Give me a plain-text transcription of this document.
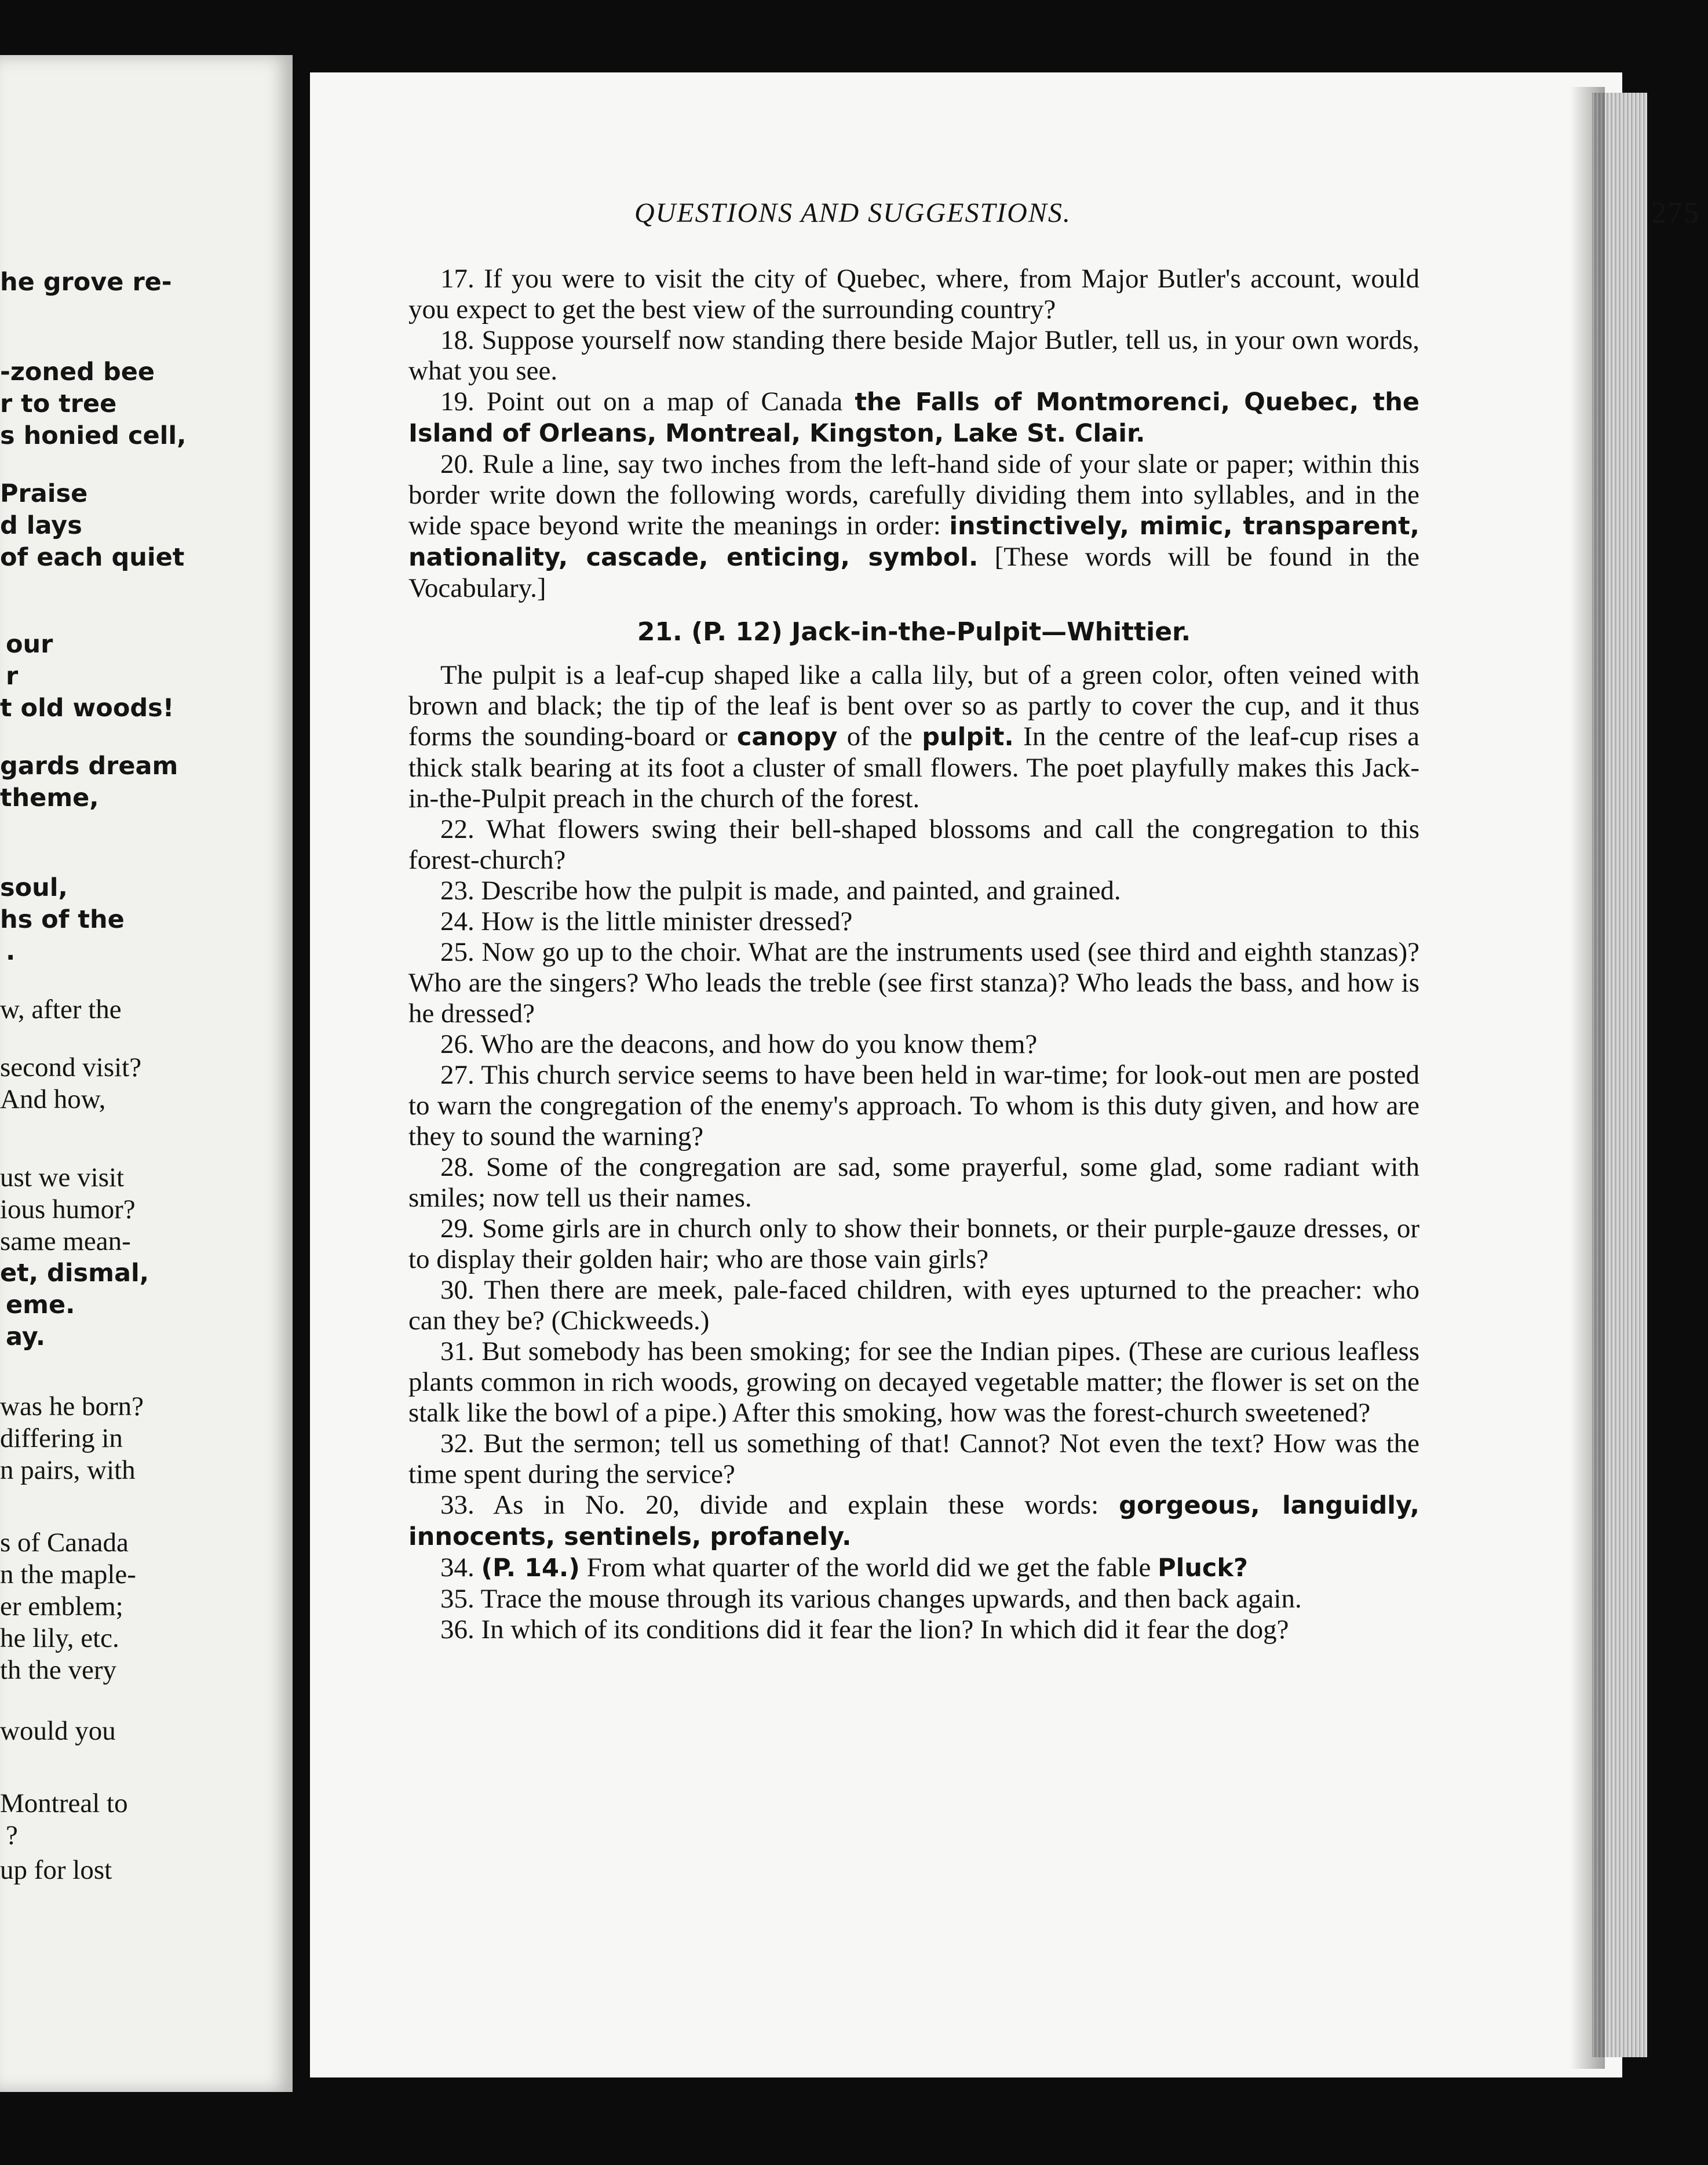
he grove re-
-zoned bee
r to tree
s honied cell,
Praise
d lays
of each quiet
our
r
t old woods!
gards dream
theme,
soul,
hs of the
.
w, after the
second visit?
And how,
ust we visit
ious humor?
same mean-
et, dismal,
eme.
ay.
was he born?
differing in
n pairs, with
s of Canada
n the maple-
er emblem;
he lily, etc.
th the very
would you
Montreal to
?
up for lost
QUESTIONS AND SUGGESTIONS.	275

17. If you were to visit the city of Quebec, where, from Major Butler's account, would you expect to get the best view of the surrounding country?

18. Suppose yourself now standing there beside Major Butler, tell us, in your own words, what you see.

19. Point out on a map of Canada the Falls of Montmorenci, Quebec, the Island of Orleans, Montreal, Kingston, Lake St. Clair.

20. Rule a line, say two inches from the left-hand side of your slate or paper; within this border write down the following words, carefully dividing them into syllables, and in the wide space beyond write the meanings in order: instinctively, mimic, transparent, nationality, cascade, enticing, symbol. [These words will be found in the Vocabulary.]

21. (P. 12) Jack-in-the-Pulpit—Whittier.

The pulpit is a leaf-cup shaped like a calla lily, but of a green color, often veined with brown and black; the tip of the leaf is bent over so as partly to cover the cup, and it thus forms the sounding-board or canopy of the pulpit. In the centre of the leaf-cup rises a thick stalk bearing at its foot a cluster of small flowers. The poet playfully makes this Jack-in-the-Pulpit preach in the church of the forest.

22. What flowers swing their bell-shaped blossoms and call the congregation to this forest-church?

23. Describe how the pulpit is made, and painted, and grained.

24. How is the little minister dressed?

25. Now go up to the choir. What are the instruments used (see third and eighth stanzas)? Who are the singers? Who leads the treble (see first stanza)? Who leads the bass, and how is he dressed?

26. Who are the deacons, and how do you know them?

27. This church service seems to have been held in war-time; for look-out men are posted to warn the congregation of the enemy's approach. To whom is this duty given, and how are they to sound the warning?

28. Some of the congregation are sad, some prayerful, some glad, some radiant with smiles; now tell us their names.

29. Some girls are in church only to show their bonnets, or their purple-gauze dresses, or to display their golden hair; who are those vain girls?

30. Then there are meek, pale-faced children, with eyes upturned to the preacher: who can they be? (Chickweeds.)

31. But somebody has been smoking; for see the Indian pipes. (These are curious leafless plants common in rich woods, growing on decayed vegetable matter; the flower is set on the stalk like the bowl of a pipe.) After this smoking, how was the forest-church sweetened?

32. But the sermon; tell us something of that! Cannot? Not even the text? How was the time spent during the service?

33. As in No. 20, divide and explain these words: gorgeous, languidly, innocents, sentinels, profanely.

34. (P. 14.) From what quarter of the world did we get the fable Pluck?

35. Trace the mouse through its various changes upwards, and then back again.

36. In which of its conditions did it fear the lion? In which did it fear the dog?
